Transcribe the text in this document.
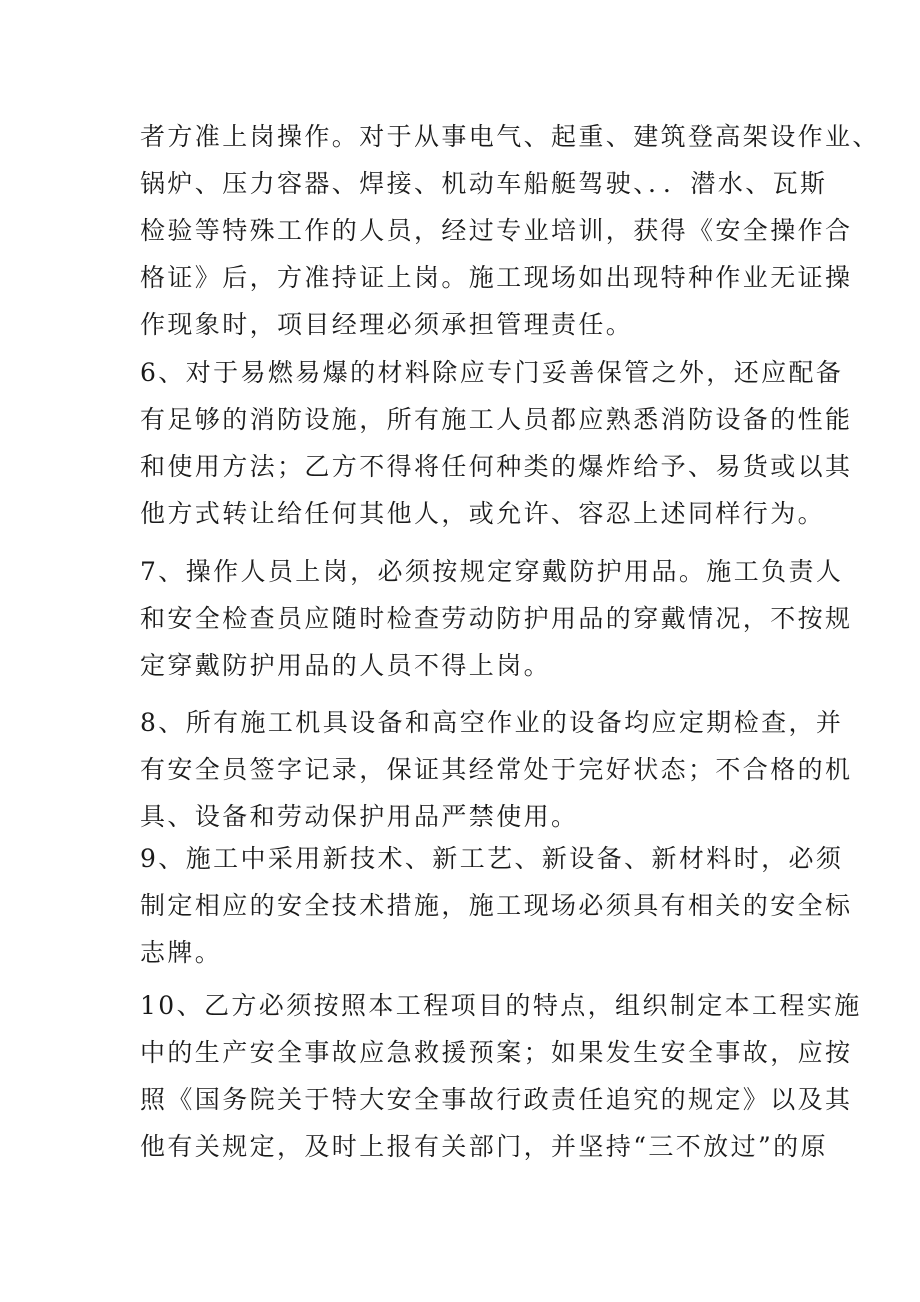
者方准上岗操作。对于从事电气、起重、建筑登高架设作业、
锅炉、压力容器、焊接、机动车船艇驾驶、．．潜水、瓦斯
检验等特殊工作的人员，经过专业培训，获得《安全操作合
格证》后，方准持证上岗。施工现场如出现特种作业无证操
作现象时，项目经理必须承担管理责任。
6、对于易燃易爆的材料除应专门妥善保管之外，还应配备
有足够的消防设施，所有施工人员都应熟悉消防设备的性能
和使用方法；乙方不得将任何种类的爆炸给予、易货或以其
他方式转让给任何其他人，或允许、容忍上述同样行为。
7、操作人员上岗，必须按规定穿戴防护用品。施工负责人
和安全检查员应随时检查劳动防护用品的穿戴情况，不按规
定穿戴防护用品的人员不得上岗。
8、所有施工机具设备和高空作业的设备均应定期检查，并
有安全员签字记录，保证其经常处于完好状态；不合格的机
具、设备和劳动保护用品严禁使用。
9、施工中采用新技术、新工艺、新设备、新材料时，必须
制定相应的安全技术措施，施工现场必须具有相关的安全标
志牌。
10、乙方必须按照本工程项目的特点，组织制定本工程实施
中的生产安全事故应急救援预案；如果发生安全事故，应按
照《国务院关于特大安全事故行政责任追究的规定》以及其
他有关规定，及时上报有关部门，并坚持“三不放过”的原
